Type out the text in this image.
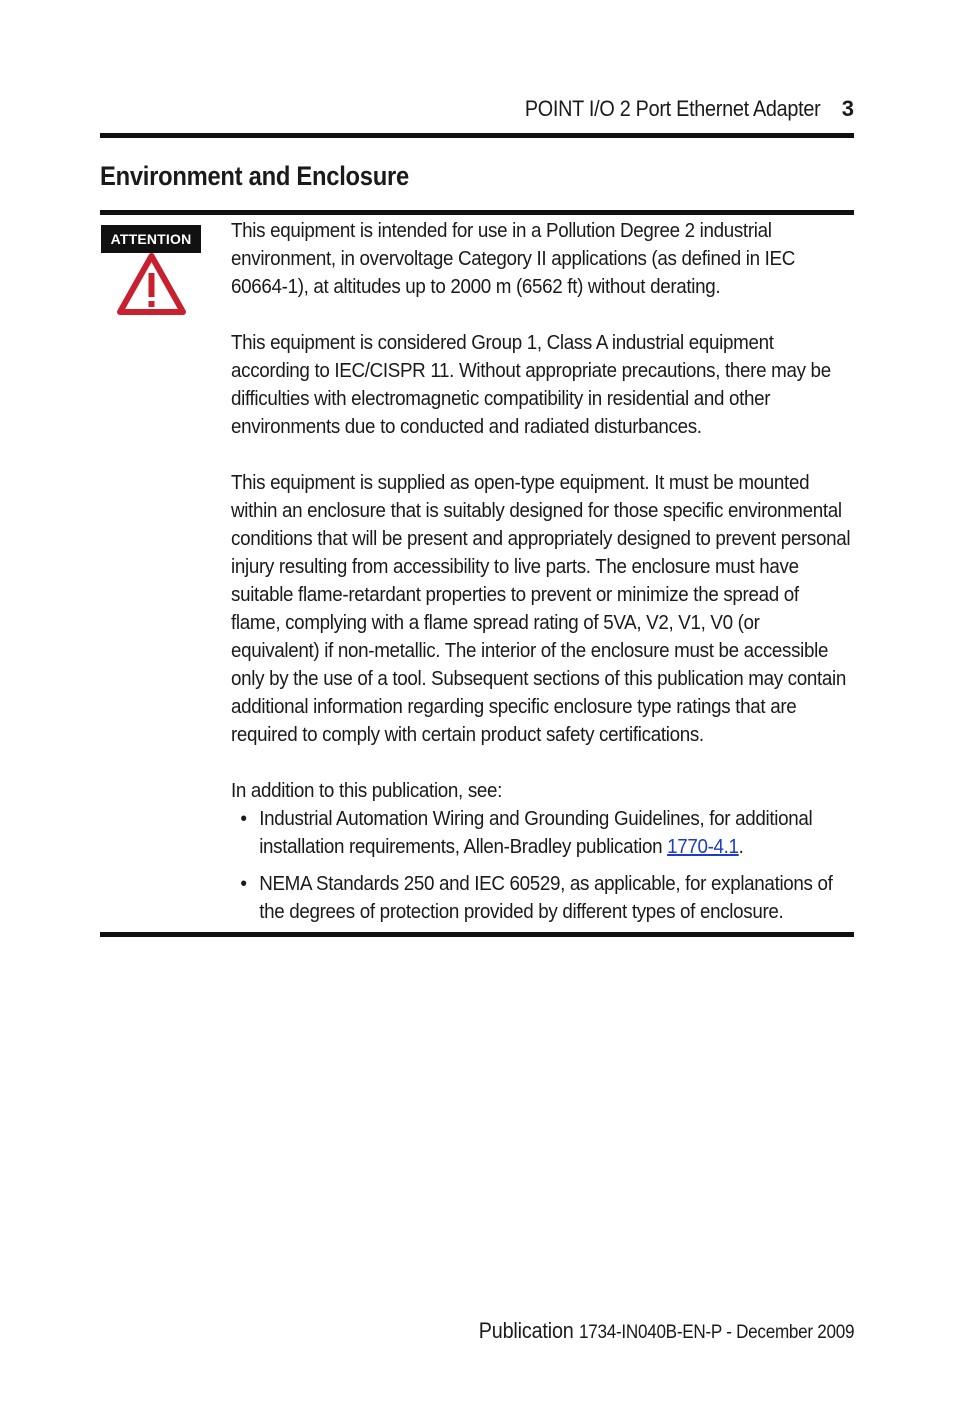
POINT I/O 2 Port Ethernet Adapter 3
Environment and Enclosure
ATTENTION	This equipment is intended for use in a Pollution Degree 2 industrial environment, in overvoltage Category II applications (as defined in IEC 60664-1), at altitudes up to 2000 m (6562 ft) without derating.

This equipment is considered Group 1, Class A industrial equipment according to IEC/CISPR 11. Without appropriate precautions, there may be difficulties with electromagnetic compatibility in residential and other environments due to conducted and radiated disturbances.

This equipment is supplied as open-type equipment. It must be mounted within an enclosure that is suitably designed for those specific environmental conditions that will be present and appropriately designed to prevent personal injury resulting from accessibility to live parts. The enclosure must have suitable flame-retardant properties to prevent or minimize the spread of flame, complying with a flame spread rating of 5VA, V2, V1, V0 (or equivalent) if non-metallic. The interior of the enclosure must be accessible only by the use of a tool. Subsequent sections of this publication may contain additional information regarding specific enclosure type ratings that are required to comply with certain product safety certifications.

In addition to this publication, see:

• Industrial Automation Wiring and Grounding Guidelines, for additional installation requirements, Allen-Bradley publication 1770-4.1.
• NEMA Standards 250 and IEC 60529, as applicable, for explanations of the degrees of protection provided by different types of enclosure.
Publication 1734-IN040B-EN-P - December 2009
